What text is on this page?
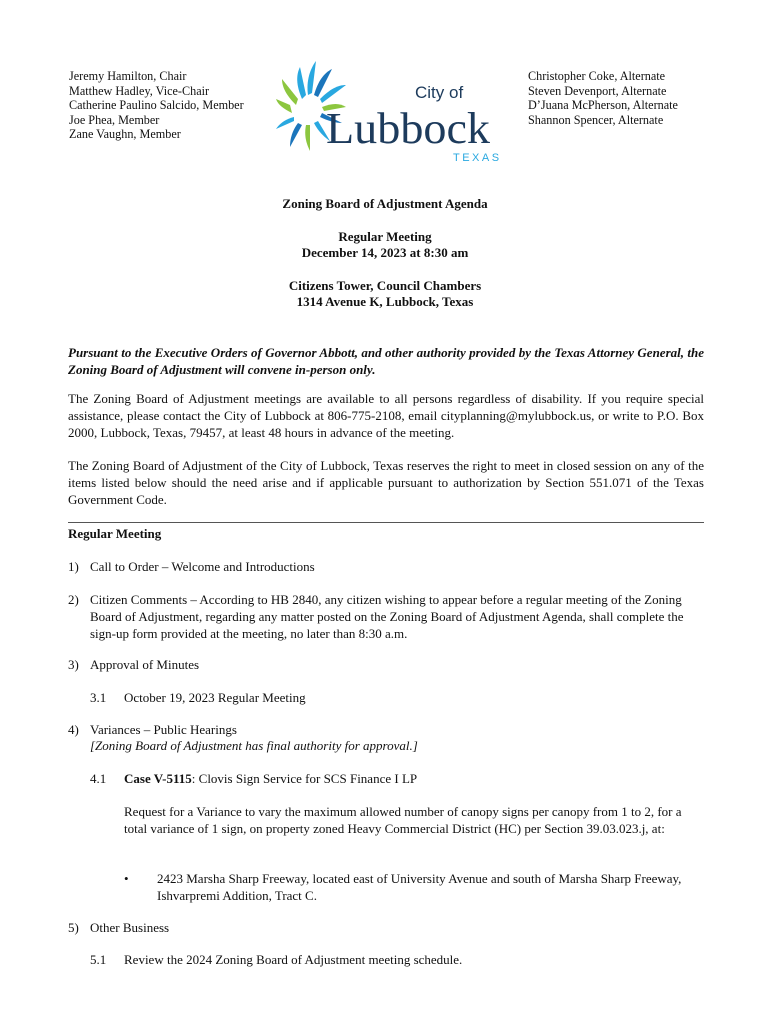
Jeremy Hamilton, Chair
Matthew Hadley, Vice-Chair
Catherine Paulino Salcido, Member
Joe Phea, Member
Zane Vaughn, Member
City of
Lubbock
TEXAS
Christopher Coke, Alternate
Steven Devenport, Alternate
D’Juana McPherson, Alternate
Shannon Spencer, Alternate
Zoning Board of Adjustment Agenda
Regular Meeting
December 14, 2023 at 8:30 am
Citizens Tower, Council Chambers
1314 Avenue K, Lubbock, Texas
Pursuant to the Executive Orders of Governor Abbott, and other authority provided by the Texas Attorney General, the Zoning Board of Adjustment will convene in-person only.
The Zoning Board of Adjustment meetings are available to all persons regardless of disability. If you require special assistance, please contact the City of Lubbock at 806-775-2108, email cityplanning@mylubbock.us, or write to P.O. Box 2000, Lubbock, Texas, 79457, at least 48 hours in advance of the meeting.
The Zoning Board of Adjustment of the City of Lubbock, Texas reserves the right to meet in closed session on any of the items listed below should the need arise and if applicable pursuant to authorization by Section 551.071 of the Texas Government Code.
Regular Meeting
1) Call to Order – Welcome and Introductions
2) Citizen Comments – According to HB 2840, any citizen wishing to appear before a regular meeting of the Zoning Board of Adjustment, regarding any matter posted on the Zoning Board of Adjustment Agenda, shall complete the sign-up form provided at the meeting, no later than 8:30 a.m.
3) Approval of Minutes
3.1 October 19, 2023 Regular Meeting
4) Variances – Public Hearings
[Zoning Board of Adjustment has final authority for approval.]
4.1 Case V-5115: Clovis Sign Service for SCS Finance I LP
Request for a Variance to vary the maximum allowed number of canopy signs per canopy from 1 to 2, for a total variance of 1 sign, on property zoned Heavy Commercial District (HC) per Section 39.03.023.j, at:
• 2423 Marsha Sharp Freeway, located east of University Avenue and south of Marsha Sharp Freeway, Ishvarpremi Addition, Tract C.
5) Other Business
5.1 Review the 2024 Zoning Board of Adjustment meeting schedule.
